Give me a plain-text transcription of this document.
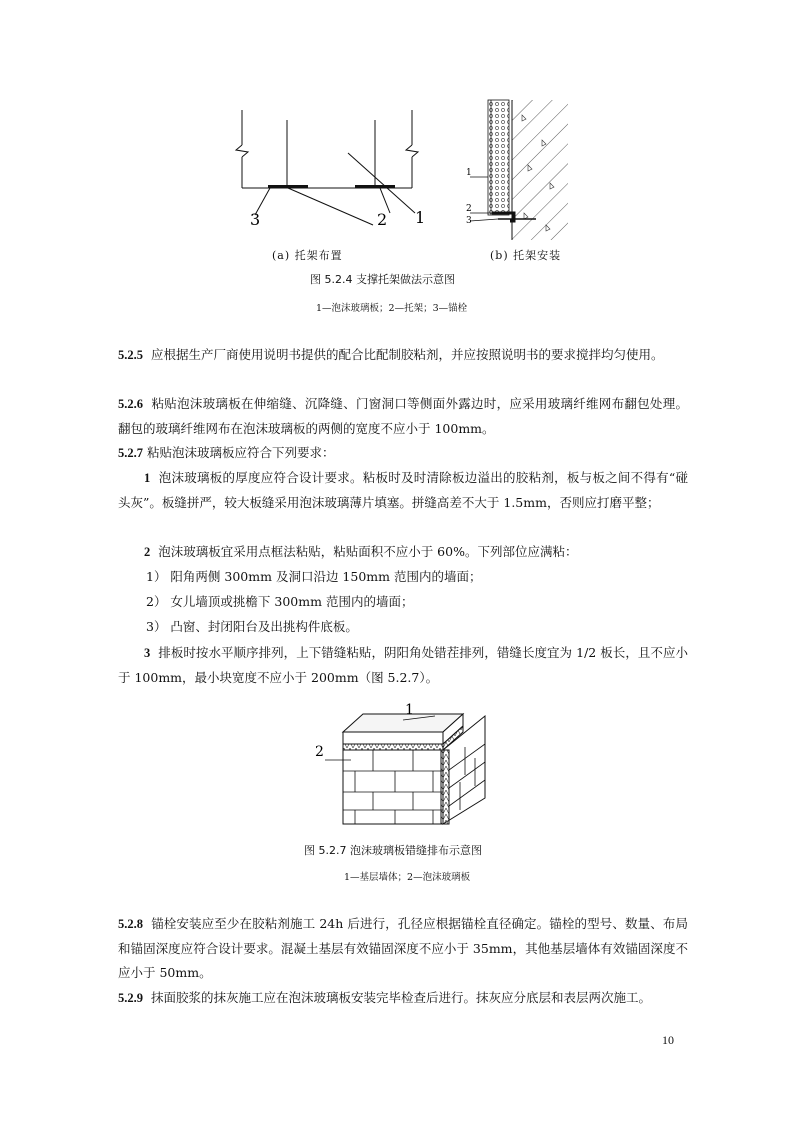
3	2 1
(a) 托架布置
1
2
3
(b) 托架安装
图 5.2.4 支撑托架做法示意图
1—泡沫玻璃板；2—托架；3—锚栓
5.2.5 应根据生产厂商使用说明书提供的配合比配制胶粘剂，并应按照说明书的要求搅拌均匀使用。
5.2.6 粘贴泡沫玻璃板在伸缩缝、沉降缝、门窗洞口等侧面外露边时，应采用玻璃纤维网布翻包处理。翻包的玻璃纤维网布在泡沫玻璃板的两侧的宽度不应小于 100mm。
5.2.7 粘贴泡沫玻璃板应符合下列要求：
1 泡沫玻璃板的厚度应符合设计要求。粘板时及时清除板边溢出的胶粘剂，板与板之间不得有“碰头灰”。板缝拼严，较大板缝采用泡沫玻璃薄片填塞。拼缝高差不大于 1.5mm，否则应打磨平整；
2 泡沫玻璃板宜采用点框法粘贴，粘贴面积不应小于 60%。下列部位应满粘：
1） 阳角两侧 300mm 及洞口沿边 150mm 范围内的墙面；
2） 女儿墙顶或挑檐下 300mm 范围内的墙面；
3） 凸窗、封闭阳台及出挑构件底板。
3 排板时按水平顺序排列，上下错缝粘贴，阴阳角处错茬排列，错缝长度宜为 1/2 板长，且不应小于 100mm，最小块宽度不应小于 200mm（图 5.2.7）。
1
2
图 5.2.7 泡沫玻璃板错缝排布示意图
1—基层墙体；2—泡沫玻璃板
5.2.8 锚栓安装应至少在胶粘剂施工 24h 后进行，孔径应根据锚栓直径确定。锚栓的型号、数量、布局和锚固深度应符合设计要求。混凝土基层有效锚固深度不应小于 35mm，其他基层墙体有效锚固深度不应小于 50mm。
5.2.9 抹面胶浆的抹灰施工应在泡沫玻璃板安装完毕检查后进行。抹灰应分底层和表层两次施工。
10
